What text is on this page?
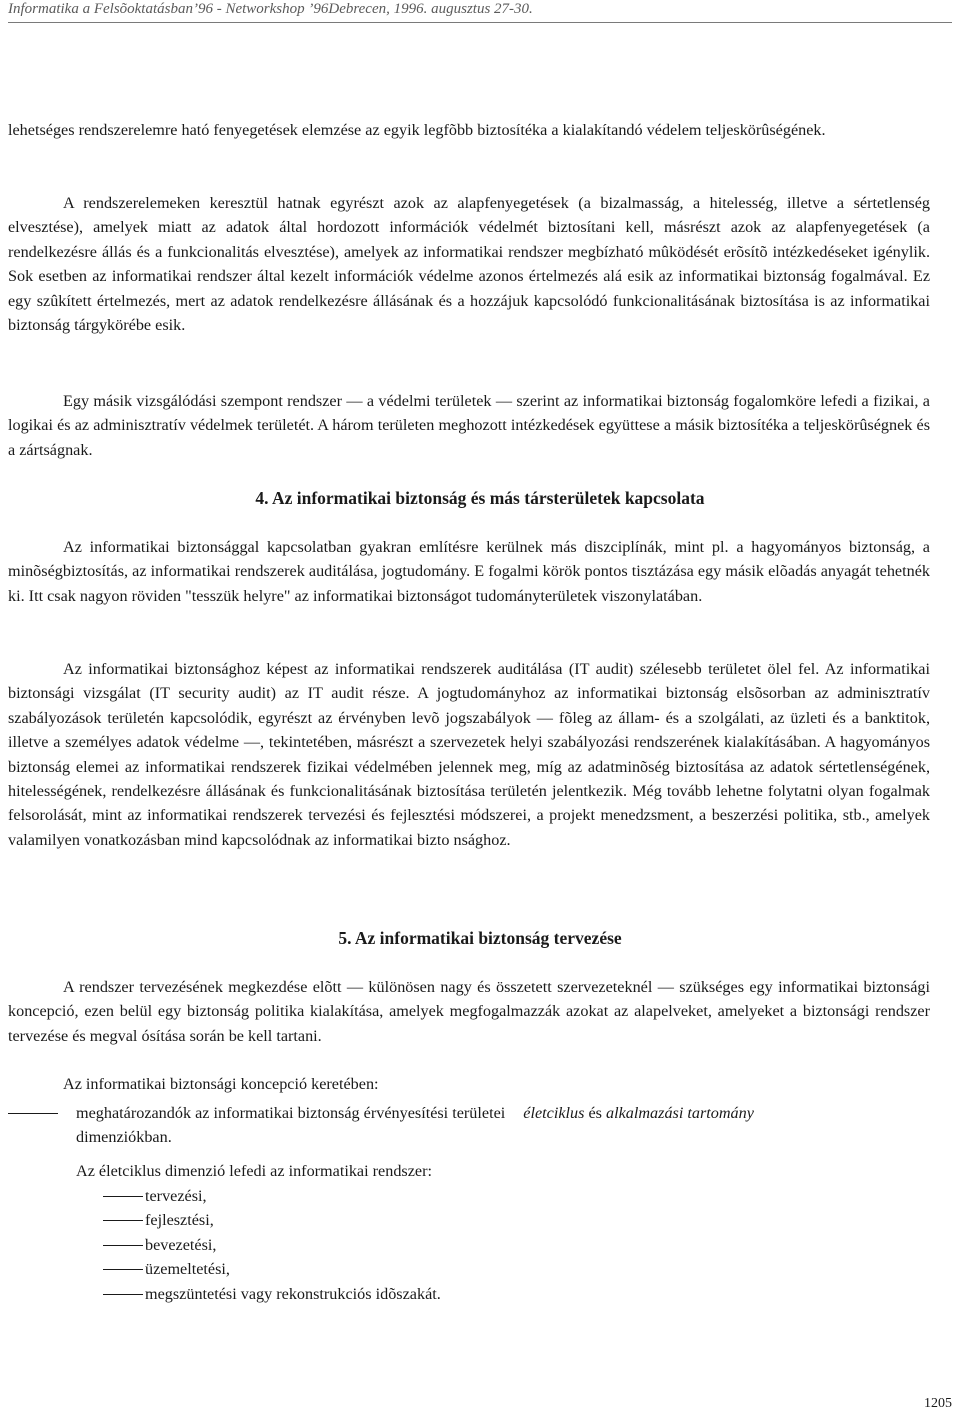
Informatika a Felsõoktatásban’96 - Networkshop ’96Debrecen, 1996. augusztus 27-30.

lehetséges rendszerelemre ható fenyegetések elemzése az egyik legfõbb biztosítéka a kialakítandó védelem teljeskörûségének.

A rendszerelemeken keresztül hatnak egyrészt azok az alapfenyegetések (a bizalmasság, a hitelesség, illetve a sértetlenség elvesztése), amelyek miatt az adatok által hordozott információk védelmét biztosítani kell, másrészt azok az alapfenyegetések (a rendelkezésre állás és a funkcionalitás elvesztése), amelyek az informatikai rendszer megbízható mûködését erõsítõ intézkedéseket igénylik. Sok esetben az informatikai rendszer által kezelt információk védelme azonos értelmezés alá esik az informatikai biztonság fogalmával. Ez egy szûkített értelmezés, mert az adatok rendelkezésre állásának és a hozzájuk kapcsolódó funkcionalitásának biztosítása is az informatikai biztonság tárgykörébe esik.

Egy másik vizsgálódási szempont rendszer — a védelmi területek — szerint az informatikai biztonság fogalomköre lefedi a fizikai, a logikai és az adminisztratív védelmek területét. A három területen meghozott intézkedések együttese a másik biztosítéka a teljeskörûségnek és a zártságnak.

4. Az informatikai biztonság és más társterületek kapcsolata

Az informatikai biztonsággal kapcsolatban gyakran említésre kerülnek más diszciplínák, mint pl. a hagyományos biztonság, a minõségbiztosítás, az informatikai rendszerek auditálása, jogtudomány. E fogalmi körök pontos tisztázása egy másik elõadás anyagát tehetnék ki. Itt csak nagyon röviden "tesszük helyre" az informatikai biztonságot tudományterületek viszonylatában.

Az informatikai biztonsághoz képest az informatikai rendszerek auditálása (IT audit) szélesebb területet ölel fel. Az informatikai biztonsági vizsgálat (IT security audit) az IT audit része. A jogtudományhoz az informatikai biztonság elsõsorban az adminisztratív szabályozások területén kapcsolódik, egyrészt az érvényben levõ jogszabályok — fõleg az állam- és a szolgálati, az üzleti és a banktitok, illetve a személyes adatok védelme —, tekintetében, másrészt a szervezetek helyi szabályozási rendszerének kialakításában. A hagyományos biztonság elemei az informatikai rendszerek fizikai védelmében jelennek meg, míg az adatminõség biztosítása az adatok sértetlenségének, hitelességének, rendelkezésre állásának és funkcionalitásának biztosítása területén jelentkezik. Még tovább lehetne folytatni olyan fogalmak felsorolását, mint az informatikai rendszerek tervezési és fejlesztési módszerei, a projekt menedzsment, a beszerzési politika, stb., amelyek valamilyen vonatkozásban mind kapcsolódnak az informatikai bizto nsághoz.

5. Az informatikai biztonság tervezése

A rendszer tervezésének megkezdése elõtt — különösen nagy és összetett szervezeteknél — szükséges egy informatikai biztonsági koncepció, ezen belül egy biztonság politika kialakítása, amelyek megfogalmazzák azokat az alapelveket, amelyeket a biztonsági rendszer tervezése és megval ósítása során be kell tartani.

Az informatikai biztonsági koncepció keretében:
meghatározandók az informatikai biztonság érvényesítési területei életciklus és alkalmazási tartomány
dimenziókban.
Az életciklus dimenzió lefedi az informatikai rendszer:
tervezési,
fejlesztési,
bevezetési,
üzemeltetési,
megszüntetési vagy rekonstrukciós idõszakát.
1205
